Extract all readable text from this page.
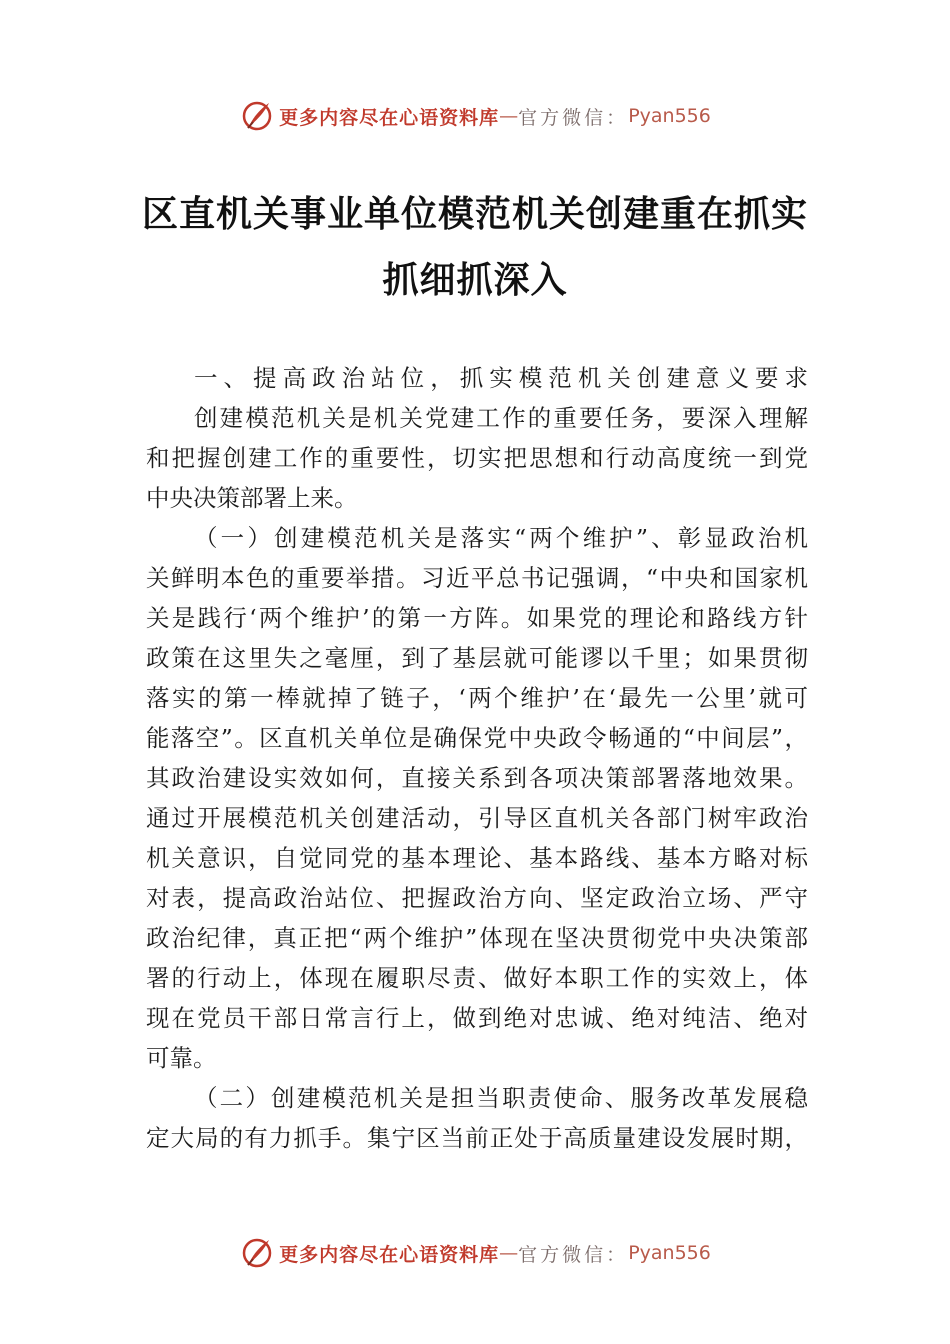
更多内容尽在心语资料库 — 官方微信： Pyan556
区直机关事业单位模范机关创建重在抓实
抓细抓深入
一、提高政治站位，抓实模范机关创建意义要求
创建模范机关是机关党建工作的重要任务，要深入理解
和把握创建工作的重要性，切实把思想和行动高度统一到党
中央决策部署上来。
（一）创建模范机关是落实“两个维护”、彰显政治机
关鲜明本色的重要举措。习近平总书记强调，“中央和国家机
关是践行‘两个维护’的第一方阵。如果党的理论和路线方针
政策在这里失之毫厘，到了基层就可能谬以千里；如果贯彻
落实的第一棒就掉了链子，‘两个维护’在‘最先一公里’就可
能落空”。区直机关单位是确保党中央政令畅通的“中间层”，
其政治建设实效如何，直接关系到各项决策部署落地效果。
通过开展模范机关创建活动，引导区直机关各部门树牢政治
机关意识，自觉同党的基本理论、基本路线、基本方略对标
对表，提高政治站位、把握政治方向、坚定政治立场、严守
政治纪律，真正把“两个维护”体现在坚决贯彻党中央决策部
署的行动上，体现在履职尽责、做好本职工作的实效上，体
现在党员干部日常言行上，做到绝对忠诚、绝对纯洁、绝对
可靠。
（二）创建模范机关是担当职责使命、服务改革发展稳
定大局的有力抓手。集宁区当前正处于高质量建设发展时期，
更多内容尽在心语资料库 — 官方微信： Pyan556
